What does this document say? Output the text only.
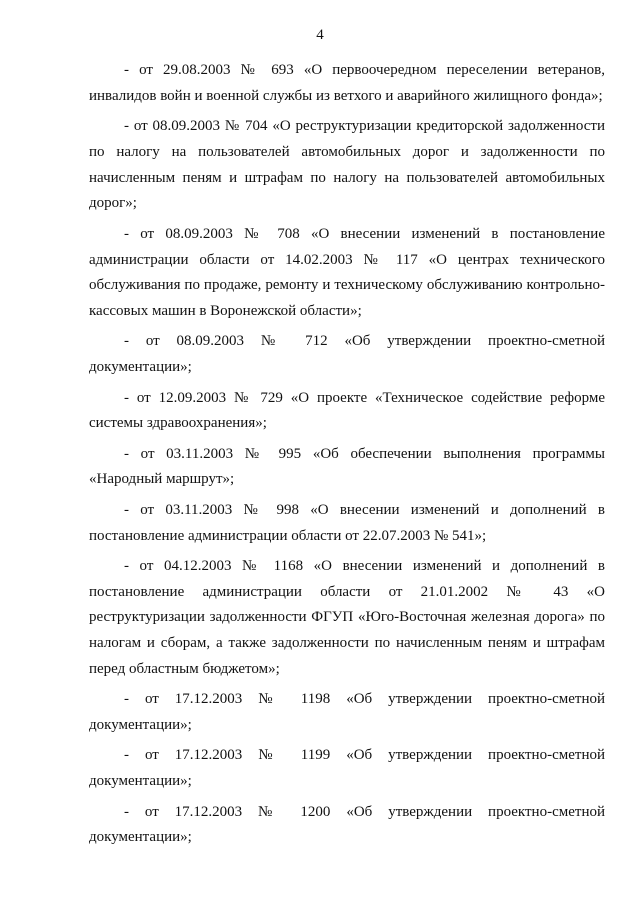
4

- от 29.08.2003 № 693 «О первоочередном переселении ветеранов, инвалидов войн и военной службы из ветхого и аварийного жилищного фонда»;

- от 08.09.2003 № 704 «О реструктуризации кредиторской задолженности по налогу на пользователей автомобильных дорог и задолженности по начисленным пеням и штрафам по налогу на пользователей автомобильных дорог»;

- от 08.09.2003 № 708 «О внесении изменений в постановление администрации области от 14.02.2003 № 117 «О центрах технического обслуживания по продаже, ремонту и техническому обслуживанию контрольно-кассовых машин в Воронежской области»;

- от 08.09.2003 № 712 «Об утверждении проектно-сметной документации»;

- от 12.09.2003 № 729 «О проекте «Техническое содействие реформе системы здравоохранения»;

- от 03.11.2003 № 995 «Об обеспечении выполнения программы «Народный маршрут»;

- от 03.11.2003 № 998 «О внесении изменений и дополнений в постановление администрации области от 22.07.2003 № 541»;

- от 04.12.2003 № 1168 «О внесении изменений и дополнений в постановление администрации области от 21.01.2002 № 43 «О реструктуризации задолженности ФГУП «Юго-Восточная железная дорога» по налогам и сборам, а также задолженности по начисленным пеням и штрафам перед областным бюджетом»;

- от 17.12.2003 № 1198 «Об утверждении проектно-сметной документации»;

- от 17.12.2003 № 1199 «Об утверждении проектно-сметной документации»;

- от 17.12.2003 № 1200 «Об утверждении проектно-сметной документации»;
